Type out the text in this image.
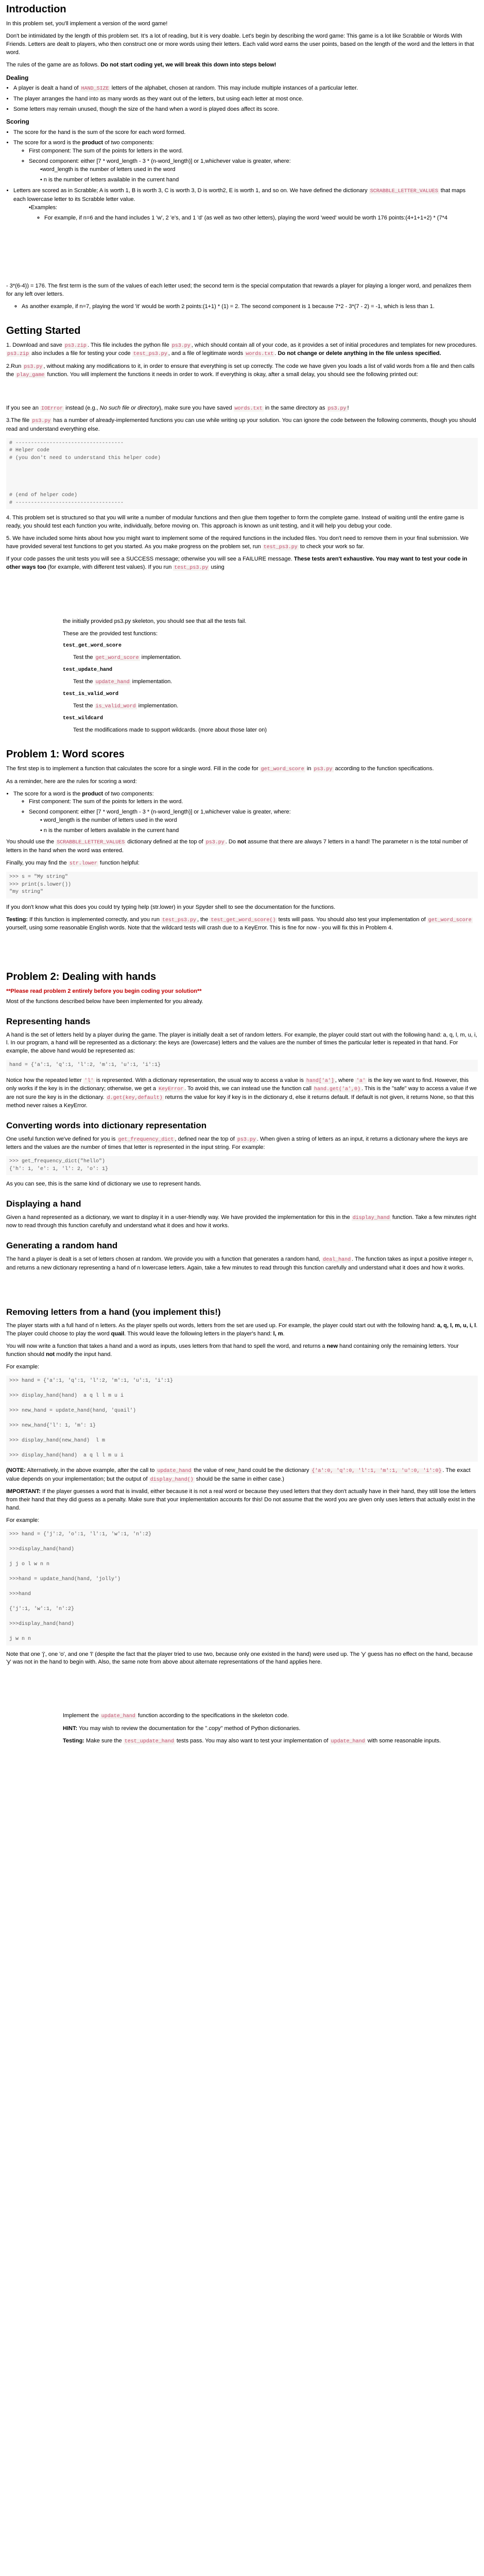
Introduction

In this problem set, you'll implement a version of the word game!

Don't be intimidated by the length of this problem set. It's a lot of reading, but it is very doable. Let's begin by describing the word game: This game is a lot like Scrabble or Words With Friends. Letters are dealt to players, who then construct one or more words using their letters. Each valid word earns the user points, based on the length of the word and the letters in that word.

The rules of the game are as follows. Do not start coding yet, we will break this down into steps below!

Dealing
• A player is dealt a hand of HAND_SIZE letters of the alphabet, chosen at random. This may include multiple instances of a particular letter.
• The player arranges the hand into as many words as they want out of the letters, but using each letter at most once.
• Some letters may remain unused, though the size of the hand when a word is played does affect its score.
Scoring
• The score for the hand is the sum of the score for each word formed.
• The score for a word is the product of two components:
◦ First component: The sum of the points for letters in the word.
◦ Second component: either [7 * word_length - 3 * (n-word_length)] or 1,whichever value is greater, where:
•word_length is the number of letters used in the word
• n is the number of letters available in the current hand
• Letters are scored as in Scrabble; A is worth 1, B is worth 3, C is worth 3, D is worth2, E is worth 1, and so on. We have defined the dictionary SCRABBLE_LETTER_VALUES that maps each lowercase letter to its Scrabble letter value.

•Examples:

◦ For example, if n=6 and the hand includes 1 'w', 2 'e's, and 1 'd' (as well as two other letters), playing the word 'weed' would be worth 176 points:(4+1+1+2) * (7*4

- 3*(6-4)) = 176. The first term is the sum of the values of each letter used; the second term is the special computation that rewards a player for playing a longer word, and penalizes them for any left over letters.

◦ As another example, if n=7, playing the word 'it' would be worth 2 points:(1+1) * (1) = 2. The second component is 1 because 7*2 - 3*(7 - 2) = -1, which is less than 1.
Getting Started

1. Download and save ps3.zip . This file includes the python file ps3.py , which should contain all of your code, as it provides a set of initial procedures and templates for new procedures. ps3.zip also includes a file for testing your code test_ps3.py , and a file of legitimate words words.txt . Do not change or delete anything in the file unless specified.

2.Run ps3.py , without making any modifications to it, in order to ensure that everything is set up correctly. The code we have given you loads a list of valid words from a file and then calls the play_game function. You will implement the functions it needs in order to work. If everything is okay, after a small delay, you should see the following printed out:

If you see an IOError instead (e.g., No such file or directory), make sure you have saved words.txt in the same directory as ps3.py !

3.The file ps3.py has a number of already-implemented functions you can use while writing up your solution. You can ignore the code between the following comments, though you should read and understand everything else.

# -----------------------------------
# Helper code
# (you don't need to understand this helper code)

# (end of helper code)
# -----------------------------------

4. This problem set is structured so that you will write a number of modular functions and then glue them together to form the complete game. Instead of waiting until the entire game is ready, you should test each function you write, individually, before moving on. This approach is known as unit testing, and it will help you debug your code.

5. We have included some hints about how you might want to implement some of the required functions in the included files. You don't need to remove them in your final submission. We have provided several test functions to get you started. As you make progress on the problem set, run test_ps3.py to check your work so far.

If your code passes the unit tests you will see a SUCCESS message; otherwise you will see a FAILURE message. These tests aren't exhaustive. You may want to test your code in other ways too (for example, with different test values). If you run test_ps3.py using

the initially provided ps3.py skeleton, you should see that all the tests fail.

These are the provided test functions:

test_get_word_score

Test the get_word_score implementation.

test_update_hand

Test the update_hand implementation.

test_is_valid_word

Test the is_valid_word implementation.

test_wildcard

Test the modifications made to support wildcards. (more about those later on)

Problem 1: Word scores

The first step is to implement a function that calculates the score for a single word. Fill in the code for get_word_score in ps3.py according to the function specifications.

As a reminder, here are the rules for scoring a word:

• The score for a word is the product of two components:
◦ First component: The sum of the points for letters in the word.
◦ Second component: either [7 * word_length - 3 * (n-word_length)] or 1,whichever value is greater, where:
• word_length is the number of letters used in the word
• n is the number of letters available in the current hand

You should use the SCRABBLE_LETTER_VALUES dictionary defined at the top of ps3.py . Do not assume that there are always 7 letters in a hand! The parameter n is the total number of letters in the hand when the word was entered.

Finally, you may find the str.lower function helpful:

>>> s = "My string"
>>> print(s.lower())
"my string"

If you don't know what this does you could try typing help (str.lower) in your Spyder shell to see the documentation for the functions.

Testing: If this function is implemented correctly, and you run test_ps3.py , the test_get_word_score() tests will pass. You should also test your implementation of get_word_score yourself, using some reasonable English words. Note that the wildcard tests will crash due to a KeyError. This is fine for now - you will fix this in Problem 4.

Problem 2: Dealing with hands

**Please read problem 2 entirely before you begin coding your solution**

Most of the functions described below have been implemented for you already.

Representing hands

A hand is the set of letters held by a player during the game. The player is initially dealt a set of random letters. For example, the player could start out with the following hand: a, q, l, m, u, i, l. In our program, a hand will be represented as a dictionary: the keys are (lowercase) letters and the values are the number of times the particular letter is repeated in that hand. For example, the above hand would be represented as:

hand = {'a':1, 'q':1, 'l':2, 'm':1, 'u':1, 'i':1}

Notice how the repeated letter 'l' is represented. With a dictionary representation, the usual way to access a value is hand['a'] , where 'a' is the key we want to find. However, this only works if the key is in the dictionary; otherwise, we get a KeyError . To avoid this, we can instead use the function call hand.get('a',0) . This is the "safe" way to access a value if we are not sure the key is in the dictionary. d.get(key,default) returns the value for key if key is in the dictionary d, else it returns default. If default is not given, it returns None, so that this method never raises a KeyError.

Converting words into dictionary representation

One useful function we've defined for you is get_frequency_dict , defined near the top of ps3.py . When given a string of letters as an input, it returns a dictionary where the keys are letters and the values are the number of times that letter is represented in the input string. For example:

>>> get_frequency_dict("hello")
{'h': 1, 'e': 1, 'l': 2, 'o': 1}

As you can see, this is the same kind of dictionary we use to represent hands.

Displaying a hand

Given a hand represented as a dictionary, we want to display it in a user-friendly way. We have provided the implementation for this in the display_hand function. Take a few minutes right now to read through this function carefully and understand what it does and how it works.

Generating a random hand

The hand a player is dealt is a set of letters chosen at random. We provide you with a function that generates a random hand, deal_hand . The function takes as input a positive integer n, and returns a new dictionary representing a hand of n lowercase letters. Again, take a few minutes to read through this function carefully and understand what it does and how it works.

Removing letters from a hand (you implement this!)

The player starts with a full hand of n letters. As the player spells out words, letters from the set are used up. For example, the player could start out with the following hand: a, q, l, m, u, i, l. The player could choose to play the word quail. This would leave the following letters in the player's hand: l, m.

You will now write a function that takes a hand and a word as inputs, uses letters from that hand to spell the word, and returns a new hand containing only the remaining letters. Your function should not modify the input hand.

For example:

>>> hand = {'a':1, 'q':1, 'l':2, 'm':1, 'u':1, 'i':1}

>>> display_hand(hand)  a q l l m u i

>>> new_hand = update_hand(hand, 'quail')

>>> new_hand{'l': 1, 'm': 1}

>>> display_hand(new_hand)  l m

>>> display_hand(hand)  a q l l m u i

(NOTE: Alternatively, in the above example, after the call to update_hand the value of new_hand could be the dictionary {'a':0, 'q':0, 'l':1, 'm':1, 'u':0, 'i':0} . The exact value depends on your implementation; but the output of display_hand() should be the same in either case.)

IMPORTANT: If the player guesses a word that is invalid, either because it is not a real word or because they used letters that they don't actually have in their hand, they still lose the letters from their hand that they did guess as a penalty. Make sure that your implementation accounts for this! Do not assume that the word you are given only uses letters that actually exist in the hand.

For example:

>>> hand = {'j':2, 'o':1, 'l':1, 'w':1, 'n':2}

>>>display_hand(hand)

j j o l w n n

>>>hand = update_hand(hand, 'jolly')

>>>hand

{'j':1, 'w':1, 'n':2}

>>>display_hand(hand)

j w n n

Note that one 'j', one 'o', and one 'l' (despite the fact that the player tried to use two, because only one existed in the hand) were used up. The 'y' guess has no effect on the hand, because 'y' was not in the hand to begin with. Also, the same note from above about alternate representations of the hand applies here.

Implement the update_hand function according to the specifications in the skeleton code.

HINT: You may wish to review the documentation for the ".copy" method of Python dictionaries.

Testing: Make sure the test_update_hand tests pass. You may also want to test your implementation of update_hand with some reasonable inputs.
